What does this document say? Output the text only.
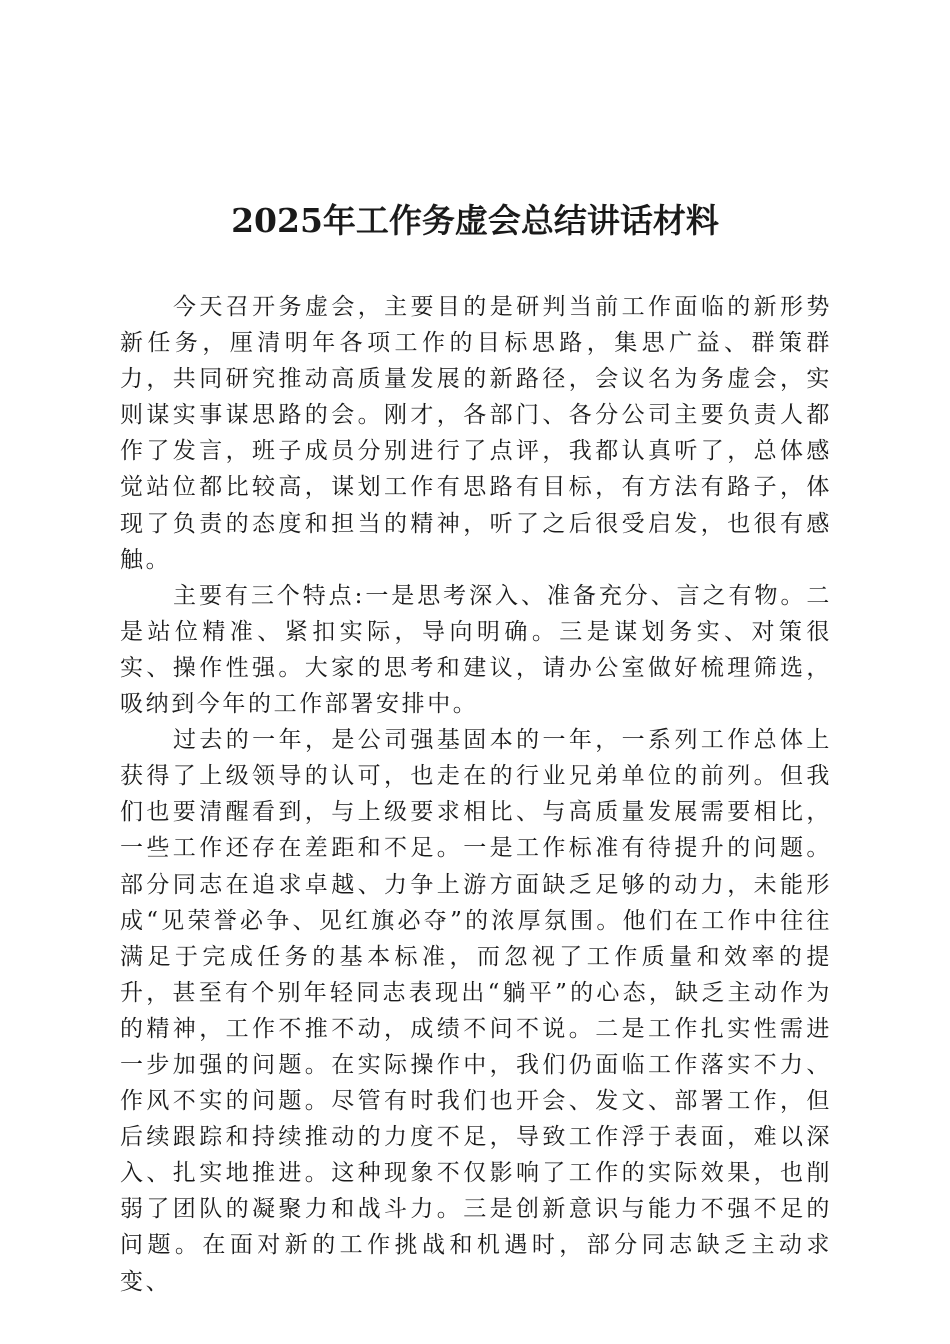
2025年工作务虚会总结讲话材料

今天召开务虚会，主要目的是研判当前工作面临的新形势新任务，厘清明年各项工作的目标思路，集思广益、群策群力，共同研究推动高质量发展的新路径，会议名为务虚会，实则谋实事谋思路的会。刚才，各部门、各分公司主要负责人都作了发言，班子成员分别进行了点评，我都认真听了，总体感觉站位都比较高，谋划工作有思路有目标，有方法有路子，体现了负责的态度和担当的精神，听了之后很受启发，也很有感触。

主要有三个特点:一是思考深入、准备充分、言之有物。二是站位精准、紧扣实际，导向明确。三是谋划务实、对策很实、操作性强。大家的思考和建议，请办公室做好梳理筛选，吸纳到今年的工作部署安排中。

过去的一年，是公司强基固本的一年，一系列工作总体上获得了上级领导的认可，也走在的行业兄弟单位的前列。但我们也要清醒看到，与上级要求相比、与高质量发展需要相比，一些工作还存在差距和不足。一是工作标准有待提升的问题。部分同志在追求卓越、力争上游方面缺乏足够的动力，未能形成“见荣誉必争、见红旗必夺”的浓厚氛围。他们在工作中往往满足于完成任务的基本标准，而忽视了工作质量和效率的提升，甚至有个别年轻同志表现出“躺平”的心态，缺乏主动作为的精神，工作不推不动，成绩不问不说。二是工作扎实性需进一步加强的问题。在实际操作中，我们仍面临工作落实不力、作风不实的问题。尽管有时我们也开会、发文、部署工作，但后续跟踪和持续推动的力度不足，导致工作浮于表面，难以深入、扎实地推进。这种现象不仅影响了工作的实际效果，也削弱了团队的凝聚力和战斗力。三是创新意识与能力不强不足的问题。在面对新的工作挑战和机遇时，部分同志缺乏主动求变、
